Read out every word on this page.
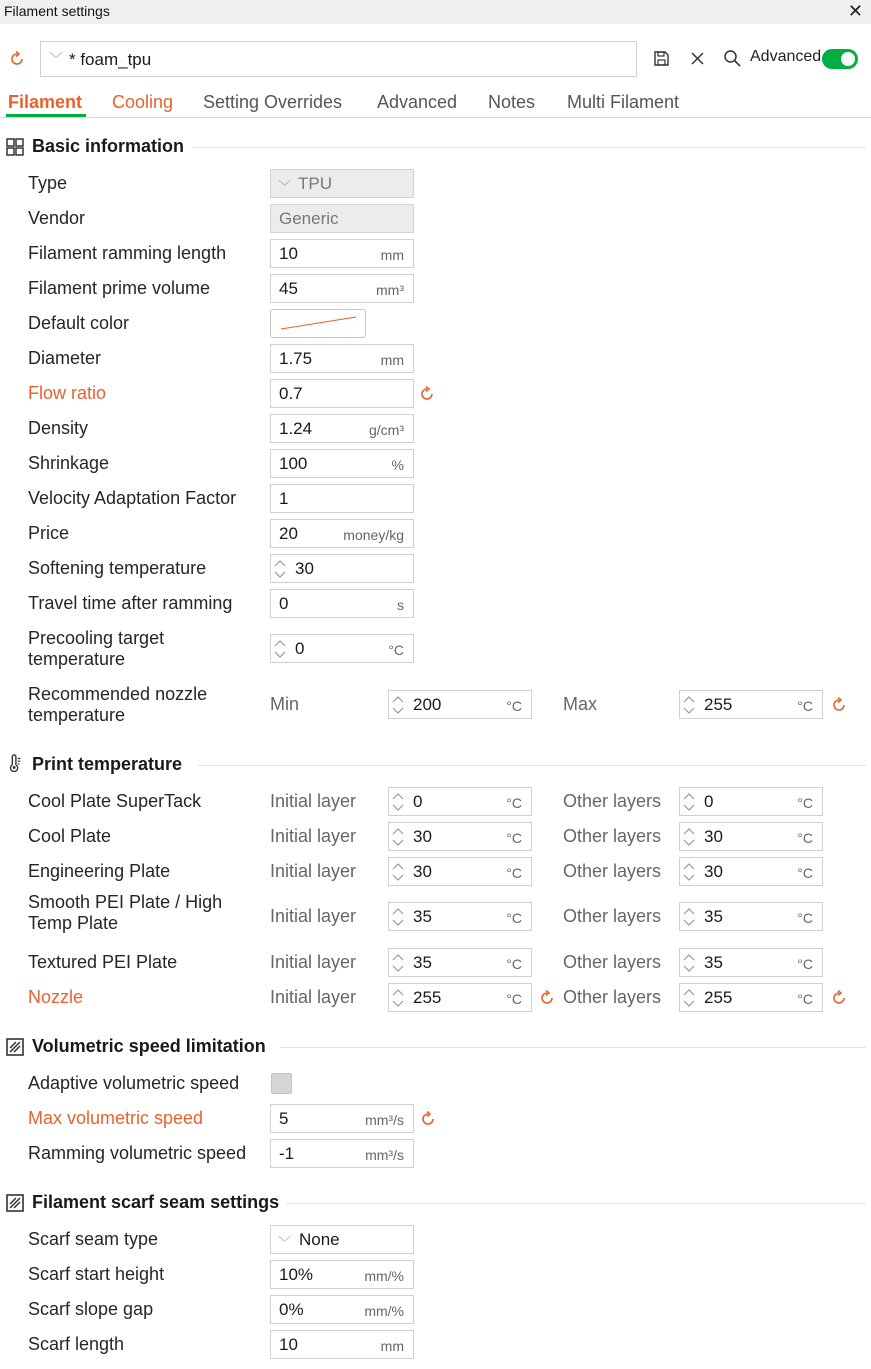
Filament settings	✕
﹀ * foam_tpu	Advanced
Filament Cooling Setting Overrides Advanced Notes Multi Filament
Basic information
Type	﹀ TPU
Vendor	Generic
Filament ramming length	10	mm
Filament prime volume	45	mm³
Default color
Diameter	1.75	mm
Flow ratio	0.7
Density	1.24	g/cm³
Shrinkage	100	%
Velocity Adaptation Factor	1
Price	20	money/kg
Softening temperature	30
Travel time after ramming	0	s
Precooling target
temperature
0	°C
Recommended nozzle
temperature
Min	200	°C Max	255	°C
Print temperature
Cool Plate SuperTack	Initial layer	0	°C Other layers	0	°C
Cool Plate	Initial layer	30	°C Other layers	30	°C
Engineering Plate	Initial layer	30	°C Other layers	30	°C
Smooth PEI Plate / High
Temp Plate	Initial layer	35	°C Other layers	35	°C
Textured PEI Plate	Initial layer	35	°C Other layers	35	°C
Nozzle	Initial layer	255	°C Other layers	255	°C
Volumetric speed limitation
Adaptive volumetric speed
Max volumetric speed	5	mm³/s
Ramming volumetric speed -1	mm³/s
Filament scarf seam settings
Scarf seam type	﹀ None
Scarf start height	10%	mm/%
Scarf slope gap	0%	mm/%
Scarf length	10	mm
